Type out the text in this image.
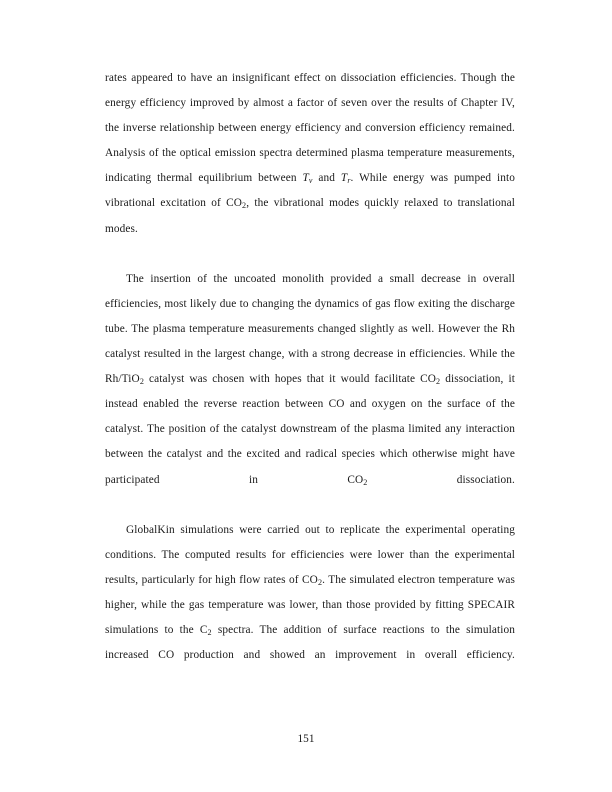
rates appeared to have an insignificant effect on dissociation efficiencies. Though the energy efficiency improved by almost a factor of seven over the results of Chapter IV, the inverse relationship between energy efficiency and conversion efficiency remained. Analysis of the optical emission spectra determined plasma temperature measurements, indicating thermal equilibrium between $T_v$ and $T_r$. While energy was pumped into vibrational excitation of $CO_2$, the vibrational modes quickly relaxed to translational modes.

The insertion of the uncoated monolith provided a small decrease in overall efficiencies, most likely due to changing the dynamics of gas flow exiting the discharge tube. The plasma temperature measurements changed slightly as well. However the Rh catalyst resulted in the largest change, with a strong decrease in efficiencies. While the Rh/TiO$_2$ catalyst was chosen with hopes that it would facilitate $CO_2$ dissociation, it instead enabled the reverse reaction between CO and oxygen on the surface of the catalyst. The position of the catalyst downstream of the plasma limited any interaction between the catalyst and the excited and radical species which otherwise might have participated in $CO_2$ dissociation.

GlobalKin simulations were carried out to replicate the experimental operating conditions. The computed results for efficiencies were lower than the experimental results, particularly for high flow rates of $CO_2$. The simulated electron temperature was higher, while the gas temperature was lower, than those provided by fitting SPECAIR simulations to the $C_2$ spectra. The addition of surface reactions to the simulation increased CO production and showed an improvement in overall efficiency.

151
